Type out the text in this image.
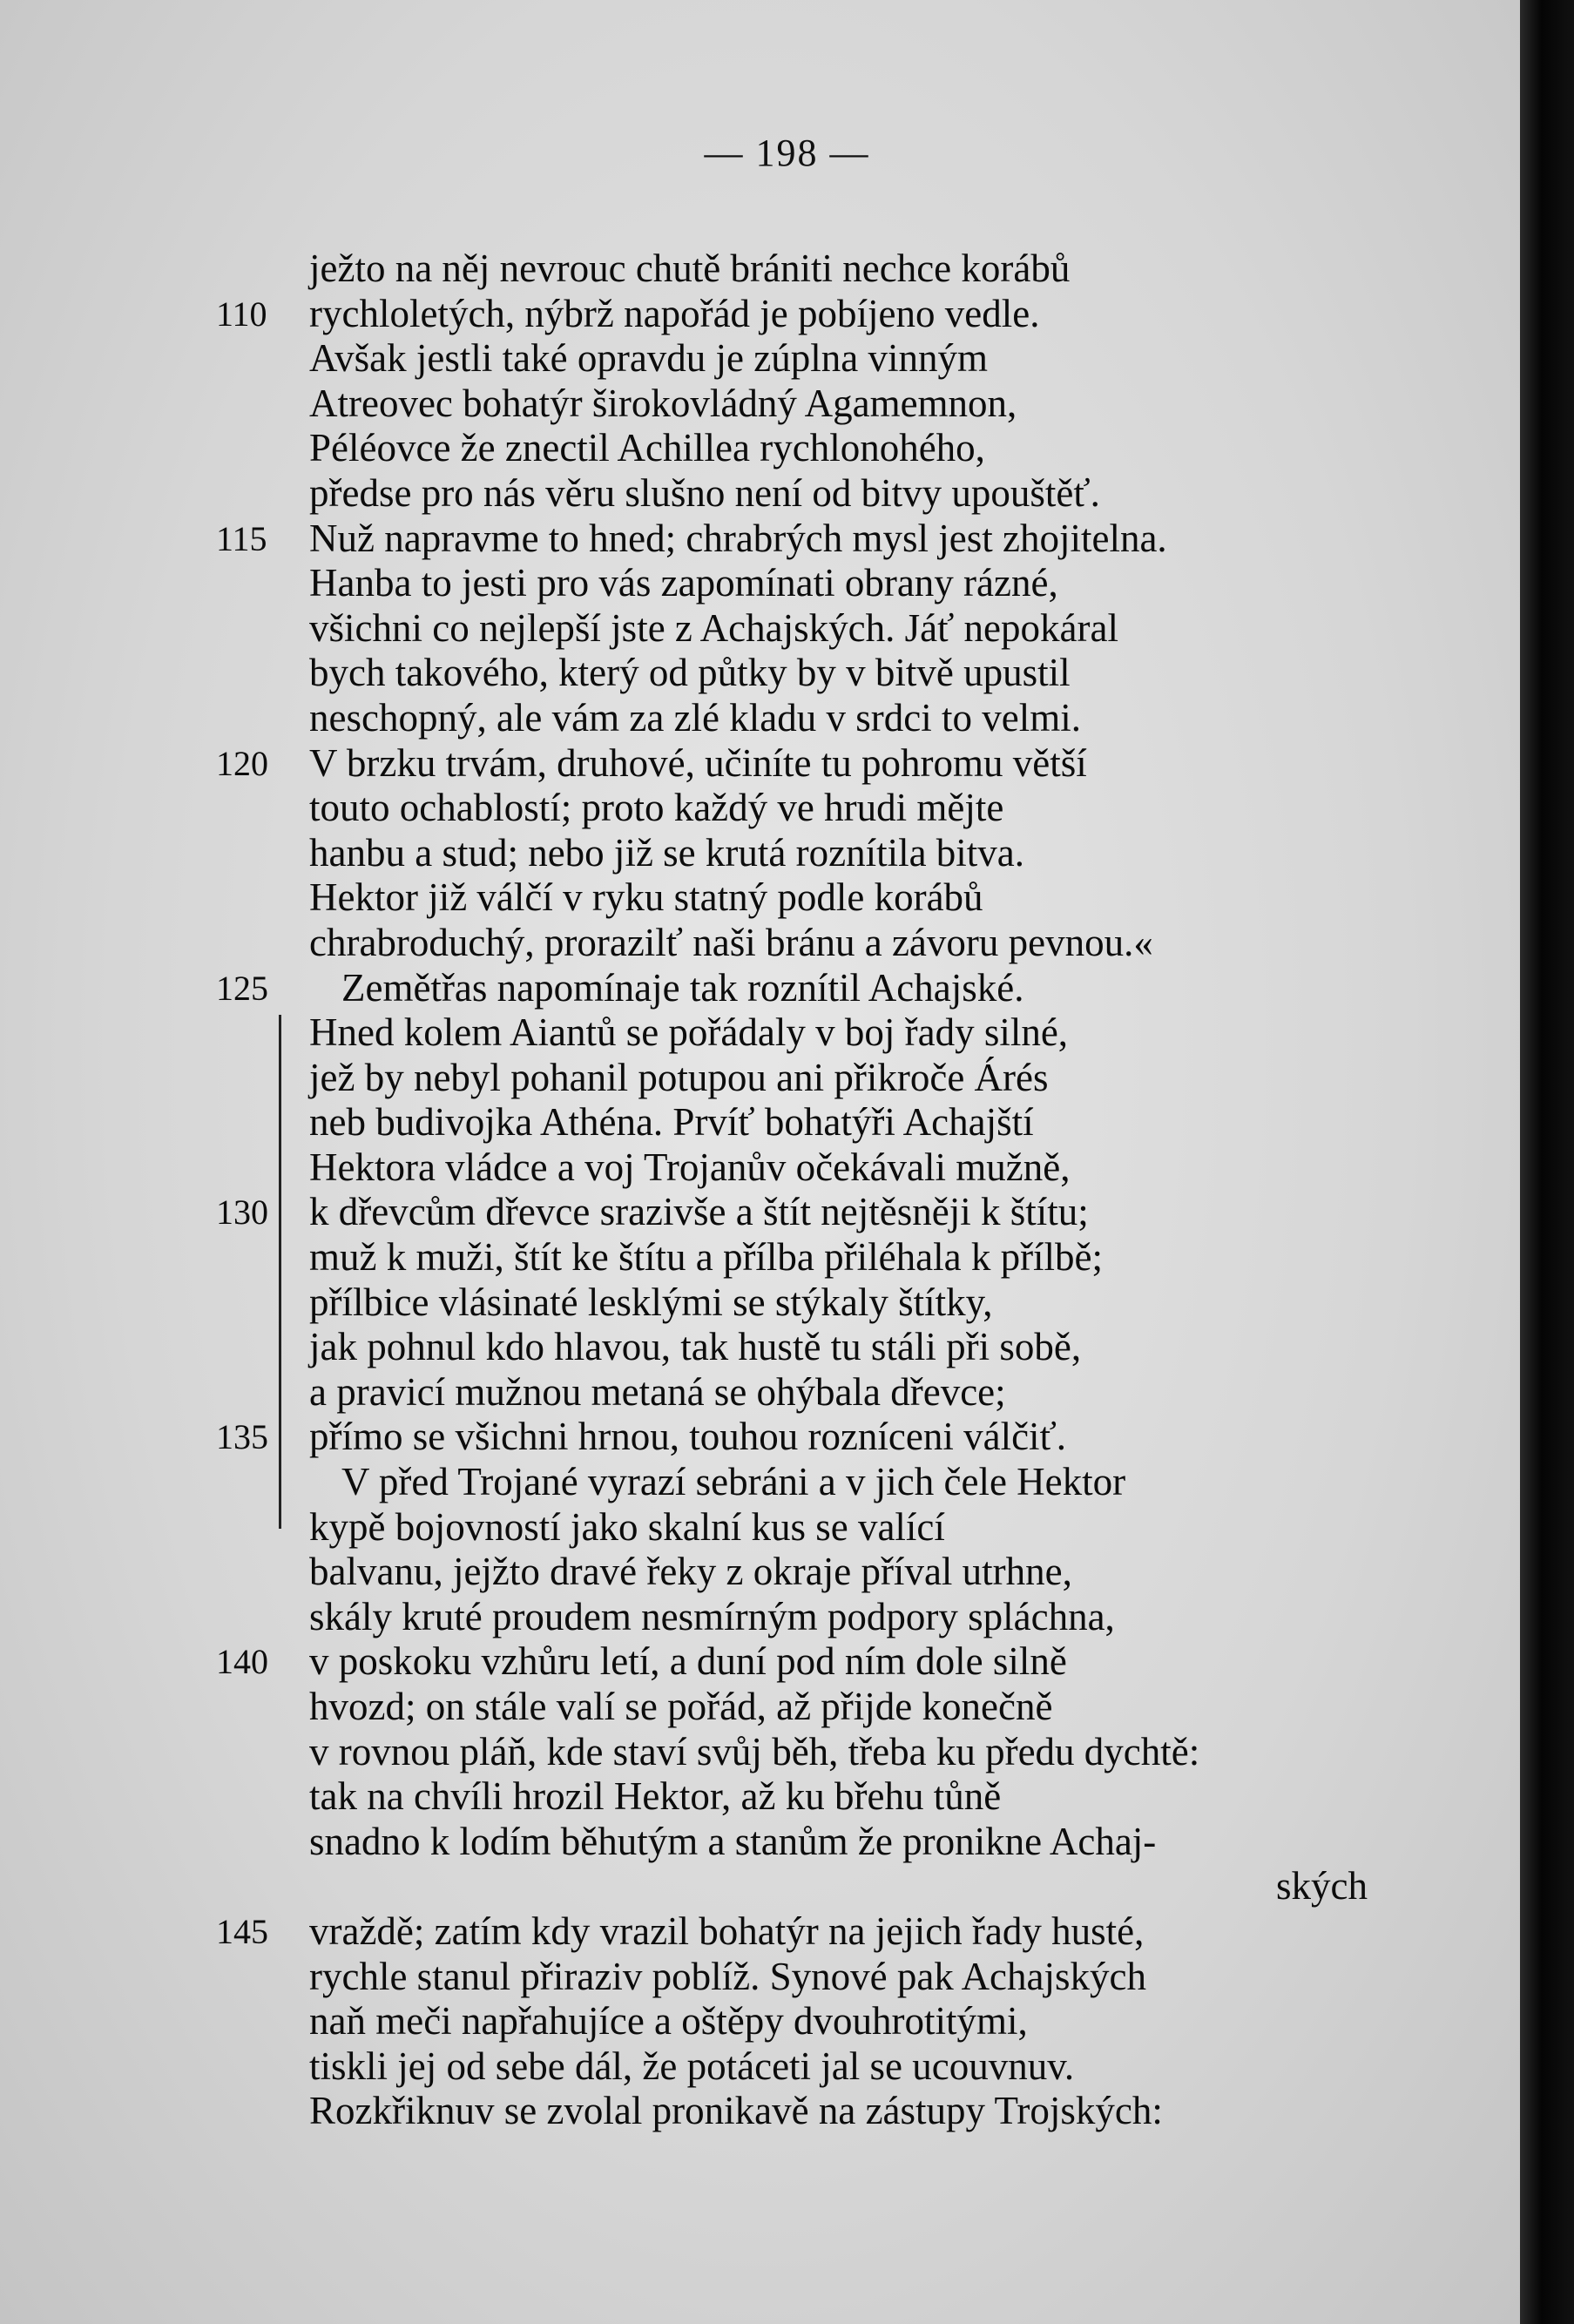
— 198 —
ježto na něj nevrouc chutě brániti nechce korábů
110	rychloletých, nýbrž napořád je pobíjeno vedle.
Avšak jestli také opravdu je zúplna vinným
Atreovec bohatýr širokovládný Agamemnon,
Péléovce že znectil Achillea rychlonohého,
předse pro nás věru slušno není od bitvy upouštěť.
115	Nuž napravme to hned; chrabrých mysl jest zhojitelna.
Hanba to jesti pro vás zapomínati obrany rázné,
všichni co nejlepší jste z Achajských. Jáť nepokáral
bych takového, který od půtky by v bitvě upustil
neschopný, ale vám za zlé kladu v srdci to velmi.
120	V brzku trvám, druhové, učiníte tu pohromu větší
touto ochablostí; proto každý ve hrudi mějte
hanbu a stud; nebo již se krutá roznítila bitva.
Hektor již válčí v ryku statný podle korábů
chrabroduchý, prorazilť naši bránu a závoru pevnou.«
125	Zemětřas napomínaje tak roznítil Achajské.
Hned kolem Aiantů se pořádaly v boj řady silné,
jež by nebyl pohanil potupou ani přikroče Árés
neb budivojka Athéna. Prvíť bohatýři Achajští
Hektora vládce a voj Trojanův očekávali mužně,
130	k dřevcům dřevce srazivše a štít nejtěsněji k štítu;
muž k muži, štít ke štítu a přílba přiléhala k přílbě;
přílbice vlásinaté lesklými se stýkaly štítky,
jak pohnul kdo hlavou, tak hustě tu stáli při sobě,
a pravicí mužnou metaná se ohýbala dřevce;
135	přímo se všichni hrnou, touhou rozníceni válčiť.
V před Trojané vyrazí sebráni a v jich čele Hektor
kypě bojovností jako skalní kus se valící
balvanu, jejžto dravé řeky z okraje příval utrhne,
skály kruté proudem nesmírným podpory spláchna,
140	v poskoku vzhůru letí, a duní pod ním dole silně
hvozd; on stále valí se pořád, až přijde konečně
v rovnou pláň, kde staví svůj běh, třeba ku předu dychtě:
tak na chvíli hrozil Hektor, až ku břehu tůně
snadno k lodím běhutým a stanům že pronikne Achaj-
ských
145	vraždě; zatím kdy vrazil bohatýr na jejich řady husté,
rychle stanul přiraziv poblíž. Synové pak Achajských
naň meči napřahujíce a oštěpy dvouhrotitými,
tiskli jej od sebe dál, že potáceti jal se ucouvnuv.
Rozkřiknuv se zvolal pronikavě na zástupy Trojských:
